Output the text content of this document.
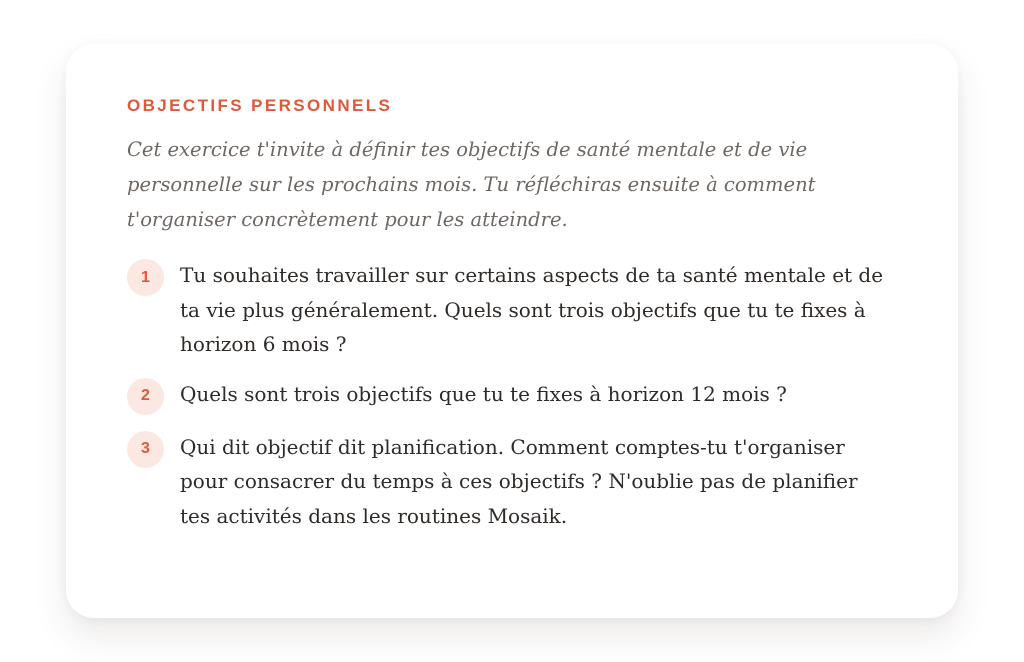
OBJECTIFS PERSONNELS

Cet exercice t'invite à définir tes objectifs de santé mentale et de vie personnelle sur les prochains mois. Tu réfléchiras ensuite à comment t'organiser concrètement pour les atteindre.

1	Tu souhaites travailler sur certains aspects de ta santé mentale et de ta vie plus généralement. Quels sont trois objectifs que tu te fixes à horizon 6 mois ?
2	Quels sont trois objectifs que tu te fixes à horizon 12 mois ?
3	Qui dit objectif dit planification. Comment comptes-tu t'organiser pour consacrer du temps à ces objectifs ? N'oublie pas de planifier tes activités dans les routines Mosaik.
